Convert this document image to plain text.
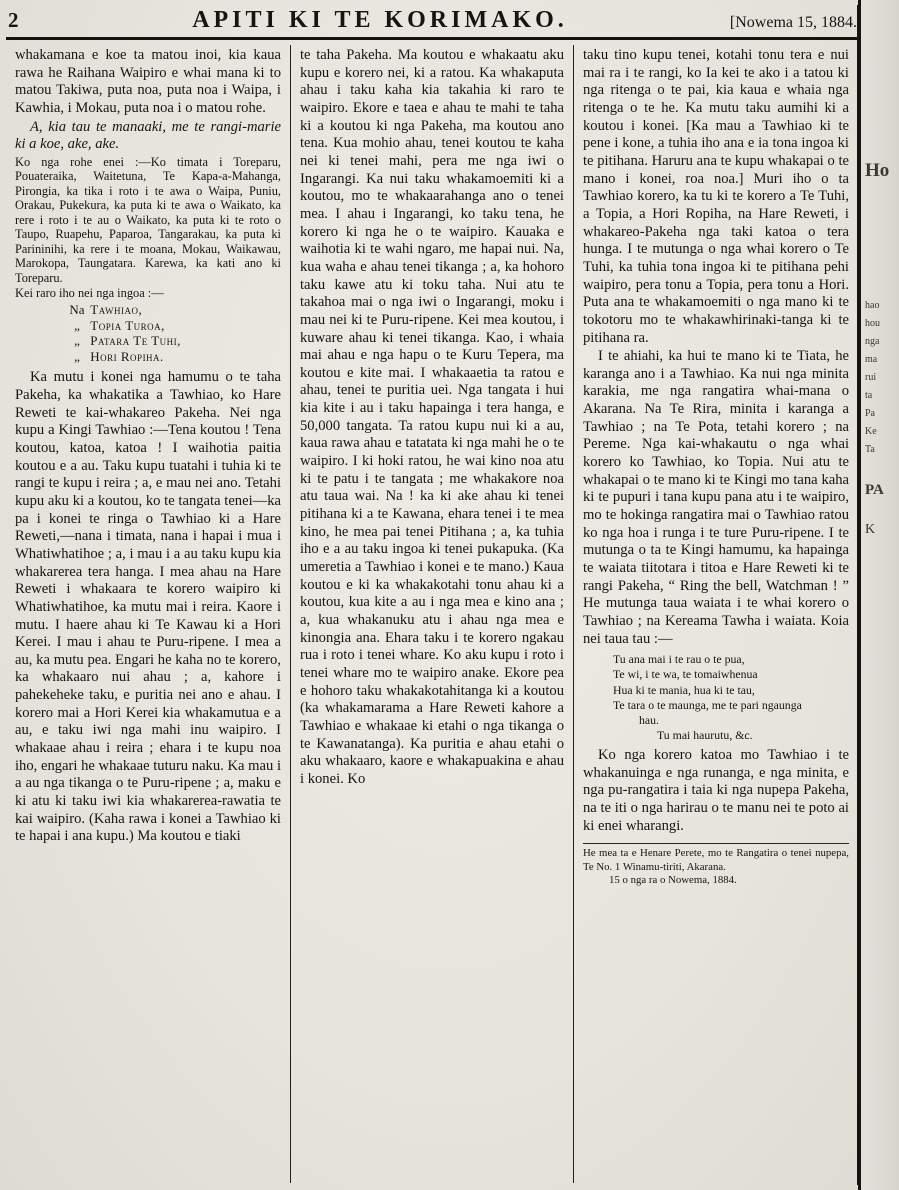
2	APITI KI TE KORIMAKO.	[Nowema 15, 1884.

whakamana e koe ta matou inoi, kia kaua rawa he Raihana Waipiro e whai mana ki to matou Takiwa, puta noa, puta noa i Waipa, i Kawhia, i Mokau, puta noa i o matou rohe.

A, kia tau te manaaki, me te rangi-marie ki a koe, ake, ake.

Ko nga rohe enei :—Ko timata i Toreparu, Pouateraika, Waitetuna, Te Kapa-a-Mahanga, Pirongia, ka tika i roto i te awa o Waipa, Puniu, Orakau, Pukekura, ka puta ki te awa o Waikato, ka rere i roto i te au o Waikato, ka puta ki te roto o Taupo, Ruapehu, Paparoa, Tangarakau, ka puta ki Parininihi, ka rere i te moana, Mokau, Waikawau, Marokopa, Taungatara. Karewa, ka kati ano ki Toreparu.

Kei raro iho nei nga ingoa :—

Na Tawhiao,
„ Topia Turoa,
„ Patara Te Tuhi,
„ Hori Ropiha.

Ka mutu i konei nga hamumu o te taha Pakeha, ka whakatika a Tawhiao, ko Hare Reweti te kai-whakareo Pakeha. Nei nga kupu a Kingi Tawhiao :—Tena koutou ! Tena koutou, katoa, katoa ! I waihotia paitia koutou e a au. Taku kupu tuatahi i tuhia ki te rangi te kupu i reira ; a, e mau nei ano. Tetahi kupu aku ki a koutou, ko te tangata tenei—ka pa i konei te ringa o Tawhiao ki a Hare Reweti,—nana i timata, nana i hapai i mua i Whatiwhatihoe ; a, i mau i a au taku kupu kia whakarerea tera hanga. I mea ahau na Hare Reweti i whakaara te korero waipiro ki Whatiwhatihoe, ka mutu mai i reira. Kaore i mutu. I haere ahau ki Te Kawau ki a Hori Kerei. I mau i ahau te Puru-ripene. I mea a au, ka mutu pea. Engari he kaha no te korero, ka whakaaro nui ahau ; a, kahore i pahekeheke taku, e puritia nei ano e ahau. I korero mai a Hori Kerei kia whakamutua e a au, e taku iwi nga mahi inu waipiro. I whakaae ahau i reira ; ehara i te kupu noa iho, engari he whakaae tuturu naku. Ka mau i a au nga tikanga o te Puru-ripene ; a, maku e ki atu ki taku iwi kia whakarerea-rawatia te kai waipiro. (Kaha rawa i konei a Tawhiao ki te hapai i ana kupu.) Ma koutou e tiaki

te taha Pakeha. Ma koutou e whakaatu aku kupu e korero nei, ki a ratou. Ka whakaputa ahau i taku kaha kia takahia ki raro te waipiro. Ekore e taea e ahau te mahi te taha ki a koutou ki nga Pakeha, ma koutou ano tena. Kua mohio ahau, tenei koutou te kaha nei ki tenei mahi, pera me nga iwi o Ingarangi. Ka nui taku whakamoemiti ki a koutou, mo te whakaarahanga ano o tenei mea. I ahau i Ingarangi, ko taku tena, he korero ki nga he o te waipiro. Kauaka e waihotia ki te wahi ngaro, me hapai nui. Na, kua waha e ahau tenei tikanga ; a, ka hohoro taku kawe atu ki toku taha. Nui atu te takahoa mai o nga iwi o Ingarangi, moku i mau nei ki te Puru-ripene. Kei mea koutou, i kuware ahau ki tenei tikanga. Kao, i whaia mai ahau e nga hapu o te Kuru Tepera, ma koutou e kite mai. I whakaaetia ta ratou e ahau, tenei te puritia uei. Nga tangata i hui kia kite i au i taku hapainga i tera hanga, e 50,000 tangata. Ta ratou kupu nui ki a au, kaua rawa ahau e tatatata ki nga mahi he o te waipiro. I ki hoki ratou, he wai kino noa atu ki te patu i te tangata ; me whakakore noa atu taua wai. Na ! ka ki ake ahau ki tenei pitihana ki a te Kawana, ehara tenei i te mea kino, he mea pai tenei Pitihana ; a, ka tuhia iho e a au taku ingoa ki tenei pukapuka. (Ka umeretia a Tawhiao i konei e te mano.) Kaua koutou e ki ka whakakotahi tonu ahau ki a koutou, kua kite a au i nga mea e kino ana ; a, kua whakanuku atu i ahau nga mea e kinongia ana. Ehara taku i te korero ngakau rua i roto i tenei whare. Ko aku kupu i roto i tenei whare mo te waipiro anake. Ekore pea e hohoro taku whakakotahitanga ki a koutou (ka whakamarama a Hare Reweti kahore a Tawhiao e whakaae ki etahi o nga tikanga o te Kawanatanga). Ka puritia e ahau etahi o aku whakaaro, kaore e whakapuakina e ahau i konei. Ko

taku tino kupu tenei, kotahi tonu tera e nui mai ra i te rangi, ko Ia kei te ako i a tatou ki nga ritenga o te pai, kia kaua e whaia nga ritenga o te he. Ka mutu taku aumihi ki a koutou i konei. [Ka mau a Tawhiao ki te pene i kone, a tuhia iho ana e ia tona ingoa ki te pitihana. Haruru ana te kupu whakapai o te mano i konei, roa noa.] Muri iho o ta Tawhiao korero, ka tu ki te korero a Te Tuhi, a Topia, a Hori Ropiha, na Hare Reweti, i whakareo-Pakeha nga taki katoa o tera hunga. I te mutunga o nga whai korero o Te Tuhi, ka tuhia tona ingoa ki te pitihana pehi waipiro, pera tonu a Topia, pera tonu a Hori. Puta ana te whakamoemiti o nga mano ki te tokotoru mo te whakawhirinaki-tanga ki te pitihana ra.

I te ahiahi, ka hui te mano ki te Tiata, he karanga ano i a Tawhiao. Ka nui nga minita karakia, me nga rangatira whai-mana o Akarana. Na Te Rira, minita i karanga a Tawhiao ; na Te Pota, tetahi korero ; na Pereme. Nga kai-whakautu o nga whai korero ko Tawhiao, ko Topia. Nui atu te whakapai o te mano ki te Kingi mo tana kaha ki te pupuri i tana kupu pana atu i te waipiro, mo te hokinga rangatira mai o Tawhiao ratou ko nga hoa i runga i te ture Puru-ripene. I te mutunga o ta te Kingi hamumu, ka hapainga te waiata tiitotara i titoa e Hare Reweti ki te rangi Pakeha, “ Ring the bell, Watchman ! ” He mutunga taua waiata i te whai korero o Tawhiao ; na Kereama Tawha i waiata. Koia nei taua tau :—

Tu ana mai i te rau o te pua,
Te wi, i te wa, te tomaiwhenua
Hua ki te mania, hua ki te tau,
Te tara o te maunga, me te pari ngaunga
hau.
Tu mai haurutu, &c.

Ko nga korero katoa mo Tawhiao i te whakanuinga e nga runanga, e nga minita, e nga pu-rangatira i taia ki nga nupepa Pakeha, na te iti o nga harirau o te manu nei te poto ai ki enei wharangi.

He mea ta e Henare Perete, mo te Rangatira o tenei nupepa, Te No. 1 Winamu-tiriti, Akarana.
15 o nga ra o Nowema, 1884.
Ho
hao
hou
nga
ma
rui
ta
Pa
Ke
Ta
PA
K
